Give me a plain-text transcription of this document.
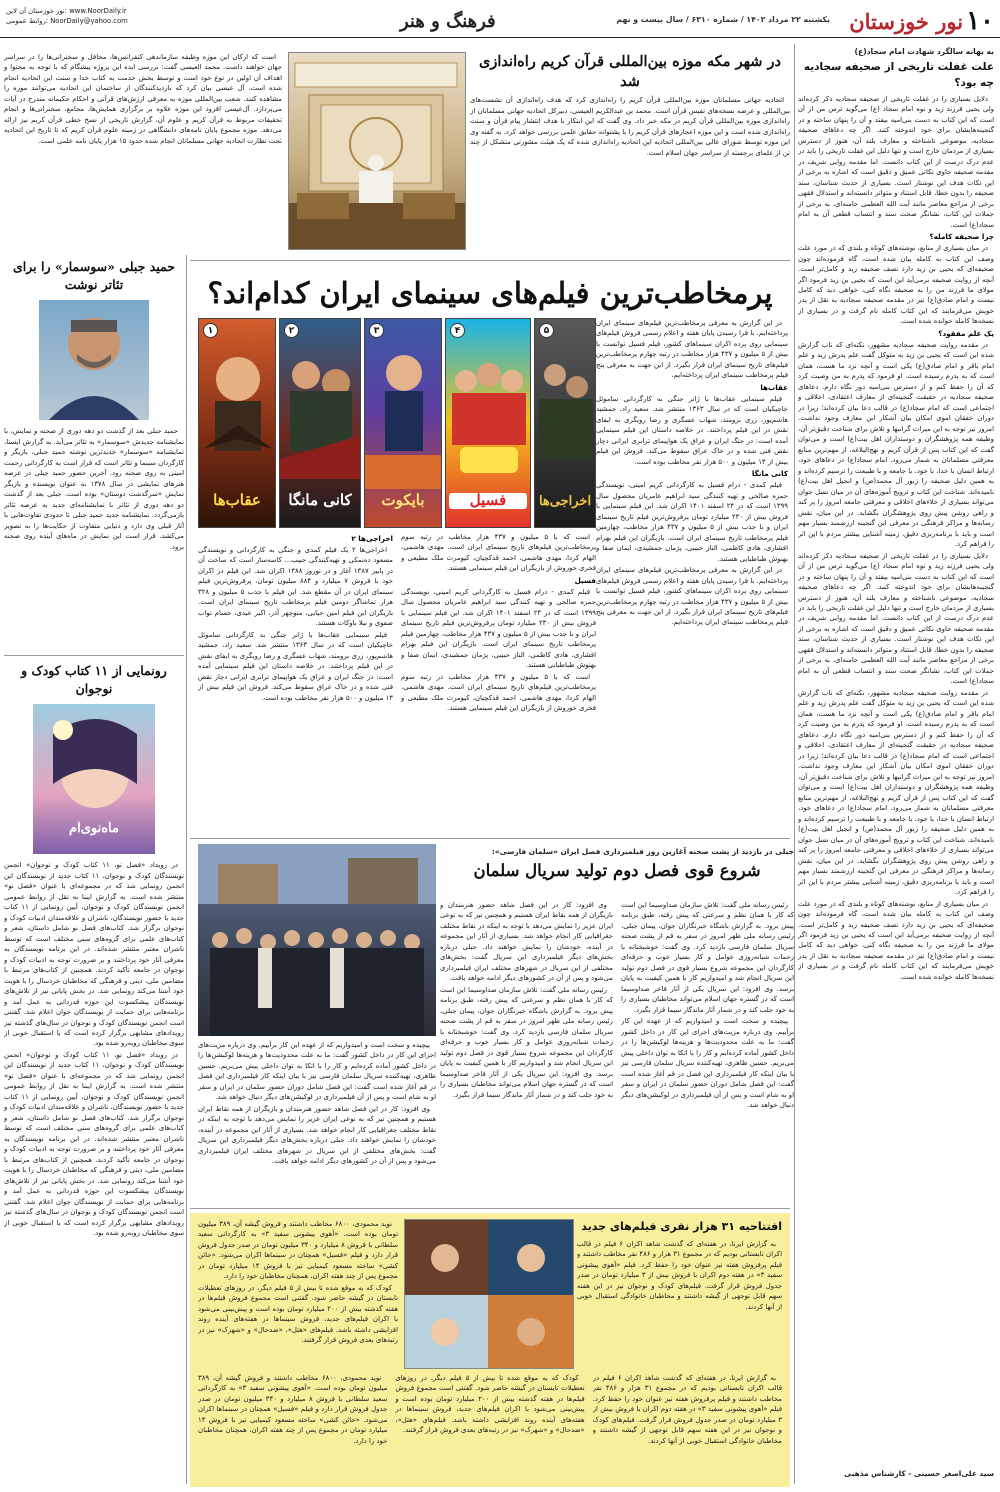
۱۰
نور خوزستان
یکشنبه ۲۲ مرداد ۱۴۰۲ / شماره ۶۳۱۰ / سال بیست و نهم
فرهنگ و هنر
نور خوزستان آن لاین: www.NoorDaily.ir
روابط عمومی: NoorDaily@yahoo.com
به بهانه سالگرد شهادت امام سجاد(ع)
علت غفلت تاریخی از صحیفه سجادیه چه بود؟

دلایل بسیاری را در غفلت تاریخی از صحیفه سجادیه ذکر کرده‌اند ولی یحیی فرزند زید و نوه امام سجاد (ع) می‌گوید ترس من از آن است که این کتاب به دست بنی‌امیه بیفتد و آن را پنهان ساخته و در گنجینه‌هایشان برای خود اندوخته کنند. اگر چه دعاهای صحیفه سجادیه، موضوعی ناشناخته و معارف بلند آن، هنوز از دسترس بسیاری از مردمان خارج است و تنها دلیل این غفلت تاریخی را باید در عدم درک درست از این کتاب دانست. اما مقدمه روایی شریف در مقدمه صحیفه حاوی نکاتی عمیق و دقیق است که اشاره به برخی از این نکات هدف این نوشتار است. بسیاری از حدیث شناسان، سند صحیفه را بدون خطا، قابل استناد و متواتر دانسته‌اند و استدلال فقهی برخی از مراجع معاصر مانند آیت الله العظمی خامنه‌ای، به برخی از جملات این کتاب، نشانگر صحت سند و انتساب قطعی آن به امام سجاد(ع) است.

چرا صحیفه کامله؟

در میان بسیاری از منابع، نوشته‌های کوتاه و بلندی که در مورد علت وصف این کتاب به کامله بیان شده است، گاه فرموده‌اند چون صحیفه‌ای که یحیی بن زید دارد نصف صحیفه زید و کامل‌تر است. آنچه از روایت صحیفه برمی‌آید این است که یحیی بن زید فرمود اگر مولای ما فرزند من را به صحیفه نگاه کنی، خواهی دید که کامل نیست و امام صادق(ع) نیز در مقدمه صحیفه سجادیه به نقل از پدر خویش می‌فرمایند که این کتاب کامله نام گرفت و در بسیاری از نسخه‌ها کامله خوانده شده است.

یک علم مفقود؟

در مقدمه روایت صحیفه سجادیه مشهور، نکته‌ای که ناب گزارش شده این است که یحیی بن زید به متوکل گفت علم پدرش زید و علم امام باقر و امام صادق(ع) یکی است و آنچه نزد ما هست، همان است که به پدرم رسیده است. او فرمود که پدرم به من وصیت کرد که آن را حفظ کنم و از دسترس بنی‌امیه دور نگاه دارم. دعاهای صحیفه سجادیه در حقیقت گنجینه‌ای از معارف اعتقادی، اخلاقی و اجتماعی است که امام سجاد(ع) در قالب دعا بیان کرده‌اند؛ زیرا در دوران خفقان اموی امکان بیان آشکار این معارف وجود نداشت. امروز نیز توجه به این میراث گرانبها و تلاش برای شناخت دقیق‌تر آن، وظیفه همه پژوهشگران و دوستداران اهل بیت(ع) است و می‌توان گفت که این کتاب پس از قرآن کریم و نهج‌البلاغه، از مهم‌ترین منابع معرفتی مسلمانان به شمار می‌رود. امام سجاد(ع) در دعاهای خود، ارتباط انسان با خدا، با خود، با جامعه و با طبیعت را ترسیم کرده‌اند و به همین دلیل صحیفه را زبور آل محمد(ص) و انجیل اهل بیت(ع) نامیده‌اند. شناخت این کتاب و ترویج آموزه‌های آن در میان نسل جوان می‌تواند بسیاری از خلاءهای اخلاقی و معرفتی جامعه امروز را پر کند و راهی روشن پیش روی پژوهشگران بگشاید. در این میان، نقش رسانه‌ها و مراکز فرهنگی در معرفی این گنجینه ارزشمند بسیار مهم است و باید با برنامه‌ریزی دقیق، زمینه آشنایی بیشتر مردم با این اثر را فراهم کرد.

دلایل بسیاری را در غفلت تاریخی از صحیفه سجادیه ذکر کرده‌اند ولی یحیی فرزند زید و نوه امام سجاد (ع) می‌گوید ترس من از آن است که این کتاب به دست بنی‌امیه بیفتد و آن را پنهان ساخته و در گنجینه‌هایشان برای خود اندوخته کنند. اگر چه دعاهای صحیفه سجادیه، موضوعی ناشناخته و معارف بلند آن، هنوز از دسترس بسیاری از مردمان خارج است و تنها دلیل این غفلت تاریخی را باید در عدم درک درست از این کتاب دانست. اما مقدمه روایی شریف در مقدمه صحیفه حاوی نکاتی عمیق و دقیق است که اشاره به برخی از این نکات هدف این نوشتار است. بسیاری از حدیث شناسان، سند صحیفه را بدون خطا، قابل استناد و متواتر دانسته‌اند و استدلال فقهی برخی از مراجع معاصر مانند آیت الله العظمی خامنه‌ای، به برخی از جملات این کتاب، نشانگر صحت سند و انتساب قطعی آن به امام سجاد(ع) است.

در مقدمه روایت صحیفه سجادیه مشهور، نکته‌ای که ناب گزارش شده این است که یحیی بن زید به متوکل گفت علم پدرش زید و علم امام باقر و امام صادق(ع) یکی است و آنچه نزد ما هست، همان است که به پدرم رسیده است. او فرمود که پدرم به من وصیت کرد که آن را حفظ کنم و از دسترس بنی‌امیه دور نگاه دارم. دعاهای صحیفه سجادیه در حقیقت گنجینه‌ای از معارف اعتقادی، اخلاقی و اجتماعی است که امام سجاد(ع) در قالب دعا بیان کرده‌اند؛ زیرا در دوران خفقان اموی امکان بیان آشکار این معارف وجود نداشت. امروز نیز توجه به این میراث گرانبها و تلاش برای شناخت دقیق‌تر آن، وظیفه همه پژوهشگران و دوستداران اهل بیت(ع) است و می‌توان گفت که این کتاب پس از قرآن کریم و نهج‌البلاغه، از مهم‌ترین منابع معرفتی مسلمانان به شمار می‌رود. امام سجاد(ع) در دعاهای خود، ارتباط انسان با خدا، با خود، با جامعه و با طبیعت را ترسیم کرده‌اند و به همین دلیل صحیفه را زبور آل محمد(ص) و انجیل اهل بیت(ع) نامیده‌اند. شناخت این کتاب و ترویج آموزه‌های آن در میان نسل جوان می‌تواند بسیاری از خلاءهای اخلاقی و معرفتی جامعه امروز را پر کند و راهی روشن پیش روی پژوهشگران بگشاید. در این میان، نقش رسانه‌ها و مراکز فرهنگی در معرفی این گنجینه ارزشمند بسیار مهم است و باید با برنامه‌ریزی دقیق، زمینه آشنایی بیشتر مردم با این اثر را فراهم کرد.

در میان بسیاری از منابع، نوشته‌های کوتاه و بلندی که در مورد علت وصف این کتاب به کامله بیان شده است، گاه فرموده‌اند چون صحیفه‌ای که یحیی بن زید دارد نصف صحیفه زید و کامل‌تر است. آنچه از روایت صحیفه برمی‌آید این است که یحیی بن زید فرمود اگر مولای ما فرزند من را به صحیفه نگاه کنی، خواهی دید که کامل نیست و امام صادق(ع) نیز در مقدمه صحیفه سجادیه به نقل از پدر خویش می‌فرمایند که این کتاب کامله نام گرفت و در بسیاری از نسخه‌ها کامله خوانده شده است.

سید علی‌اصغر حسینی - کارشناس مذهبی
در شهر مکه موزه بین‌المللی قرآن کریم راه‌اندازی شد

اتحادیه جهانی مسلمانان موزه بین‌المللی قرآن کریم را راه‌اندازی کرد که هدف راه‌اندازی آن نشست‌های بین‌المللی و عرضه نسخه‌های نفیس قرآن است. محمد بن عبدالکریم العیسی، دبیرکل اتحادیه جهانی مسلمانان از راه‌اندازی موزه بین‌المللی قرآن کریم در مکه خبر داد. وی گفت که این ابتکار با هدف انتشار پیام قرآن و سنت راه‌اندازی شده است و این موزه اعجازهای قرآن کریم را با پشتوانه حقایق علمی بررسی خواهد کرد. به گفته وی این موزه توسط شورای عالی بین‌المللی اتحادیه این اتحادیه راه‌اندازی شده که یک هیئت مشورتی متشکل از چند تن از علمای برجسته از سراسر جهان اسلام است.

است که ارکان این موزه وظیفه سازماندهی کنفرانس‌ها، محافل و سخنرانی‌ها را در سراسر جهان خواهند داشت. محمد العیسی گفت: بررسی ایده این پروژه پیشگام که با توجه به محتوا و اهداف آن اولین در نوع خود است و توسط بخش خدمت به کتاب خدا و سنت این اتحادیه انجام شده است. آل عیسی بیان کرد که بازدیدکنندگان از ساختمان این اتحادیه می‌توانند موزه را مشاهده کنند. شعب بین‌المللی موزه به معرفی ارزش‌های قرآنی و احکام حکیمانه مندرج در آیات می‌پردازد. آل‌عیسی افزود این موزه علاوه بر برگزاری همایش‌ها، مجامع، سخنرانی‌ها و انجام تحقیقات مربوط به قرآن کریم و علوم آن، گزارش تاریخی از نسخ خطی قرآن کریم نیز ارائه می‌دهد. موزه مجموع پایان نامه‌های دانشگاهی در زمینه علوم قرآن کریم که تا تاریخ این اتحادیه تحت نظارت اتحادیه جهانی مسلمانان انجام شده حدود ۱۵ هزار پایان نامه علمی است.

پرمخاطب‌ترین فیلم‌های سینمای ایران کدام‌اند؟

در این گزارش به معرفی پرمخاطب‌ترین فیلم‌های سینمای ایران پرداخته‌ایم. با فرا رسیدن پایان هفته و اعلام رسمی فروش فیلم‌های سینمایی روی پرده اکران سینماهای کشور، فیلم فسیل توانست با بیش از ۵ میلیون و ۴۳۷ هزار مخاطب در رتبه چهارم پرمخاطب‌ترین فیلم‌های تاریخ سینمای ایران قرار بگیرد. از این جهت به معرفی پنج فیلم پرمخاطب سینمای ایران پرداخته‌ایم.

عقاب‌ها

فیلم سینمایی عقاب‌ها با ژانر جنگی به کارگردانی ساموئل خاچیکیان است که در سال ۱۳۶۳ منتشر شد. سعید راد، جمشید هاشم‌پور، زری برومند، شهاب عسگری و رضا رویگری به ایفای نقش در این فیلم پرداختند. در خلاصه داستان این فیلم سینمایی آمده است: در جنگ ایران و عراق یک هواپیمای ترابری ایرانی دچار نقص فنی شده و در خاک عراق سقوط می‌کند. فروش این فیلم بیش از ۱۳ میلیون و ۵۰۰ هزار نفر مخاطب بوده است.

کانی مانگا

فیلم کمدی - درام فسیل به کارگردانی کریم امینی، نویسندگی حمزه صالحی و تهیه کنندگی سید ابراهیم عامریان محصول سال ۱۳۹۹ است که در ۲۴ اسفند ۱۴۰۱ اکران شد. این فیلم سینمایی با فروش بیش از ۲۳۰ میلیارد تومان پرفروش‌ترین فیلم تاریخ سینمای ایران و با جذب بیش از ۵ میلیون و ۴۳۷ هزار مخاطب، چهارمین فیلم پرمخاطب تاریخ سینمای ایران است. بازیگران این فیلم بهرام افشاری، هادی کاظمی، الناز حبیبی، پژمان جمشیدی، ایمان صفا و بهنوش طباطبایی هستند.

در این گزارش به معرفی پرمخاطب‌ترین فیلم‌های سینمای ایران پرداخته‌ایم. با فرا رسیدن پایان هفته و اعلام رسمی فروش فیلم‌های سینمایی روی پرده اکران سینماهای کشور، فیلم فسیل توانست با بیش از ۵ میلیون و ۴۳۷ هزار مخاطب در رتبه چهارم پرمخاطب‌ترین فیلم‌های تاریخ سینمای ایران قرار بگیرد. از این جهت به معرفی پنج فیلم پرمخاطب سینمای ایران پرداخته‌ایم.

۱
عقاب‌ها
۲
کانی مانگا
۳
بایکوت
۴
فسیل
۵
اخراجی‌ها

است که با ۵ میلیون و ۴۳۷ هزار مخاطب در رتبه سوم پرمخاطب‌ترین فیلم‌های تاریخ سینمای ایران است. مهدی هاشمی، الهام کردا، مهدی هاشمی، احمد قدکچیان، کیومرث ملک مطیعی و فخری خوروش از بازیگران این فیلم سینمایی هستند.

فسیل

فیلم کمدی - درام فسیل به کارگردانی کریم امینی، نویسندگی حمزه صالحی و تهیه کنندگی سید ابراهیم عامریان محصول سال ۱۳۹۹ است که در ۲۴ اسفند ۱۴۰۱ اکران شد. این فیلم سینمایی با فروش بیش از ۲۳۰ میلیارد تومان پرفروش‌ترین فیلم تاریخ سینمای ایران و با جذب بیش از ۵ میلیون و ۴۳۷ هزار مخاطب، چهارمین فیلم پرمخاطب تاریخ سینمای ایران است. بازیگران این فیلم بهرام افشاری، هادی کاظمی، الناز حبیبی، پژمان جمشیدی، ایمان صفا و بهنوش طباطبایی هستند.

است که با ۵ میلیون و ۴۳۷ هزار مخاطب در رتبه سوم پرمخاطب‌ترین فیلم‌های تاریخ سینمای ایران است. مهدی هاشمی، الهام کردا، مهدی هاشمی، احمد قدکچیان، کیومرث ملک مطیعی و فخری خوروش از بازیگران این فیلم سینمایی هستند.

اخراجی‌ها ۲

اخراجی‌ها ۲ یک فیلم کمدی و جنگی به کارگردانی و نویسندگی مسعود ده‌نمکی و تهیه‌کنندگی حبیب... کاسه‌ساز است که ساخت آن در پاییز ۱۳۸۷ آغاز و در نوروز ۱۳۸۸ اکران شد. این فیلم در اکران خود با فروش ۷ میلیارد و ۸۸۴ میلیون تومان، پرفروش‌ترین فیلم سینمای ایران در آن مقطع شد. این فیلم با جذب ۵ میلیون و ۳۲۸ هزار تماشاگر دومین فیلم پرمخاطب تاریخ سینمای ایران است. بازیگران این فیلم امین حیایی، منوچهر آذر، اکبر عبدی، حسام نواب صفوی و نیلا باوکات هستند.

فیلم سینمایی عقاب‌ها با ژانر جنگی به کارگردانی ساموئل خاچیکیان است که در سال ۱۳۶۳ منتشر شد. سعید راد، جمشید هاشم‌پور، زری برومند، شهاب عسگری و رضا رویگری به ایفای نقش در این فیلم پرداختند. در خلاصه داستان این فیلم سینمایی آمده است: در جنگ ایران و عراق یک هواپیمای ترابری ایرانی دچار نقص فنی شده و در خاک عراق سقوط می‌کند. فروش این فیلم بیش از ۱۳ میلیون و ۵۰۰ هزار نفر مخاطب بوده است.

جبلی در بازدید از پشت صحنه آغازین روز فیلمبرداری فصل ایران «سلمان فارسی»:
شروع قوی فصل دوم تولید سریال سلمان

رئیس رسانه ملی گفت: تلاش سازمان صداوسیما این است که کار با همان نظم و سرعتی که پیش رفته، طبق برنامه پیش برود. به گزارش باشگاه خبرنگاران جوان، پیمان جبلی، رئیس رسانه ملی ظهر امروز در سفر به قم از پشت صحنه سریال سلمان فارسی بازدید کرد. وی گفت: خوشبختانه با زحمات شبانه‌روزی عوامل و کار بسیار خوب و حرفه‌ای کارگردان این مجموعه شروع بسیار قوی در فصل دوم تولید این سریال انجام شد و امیدواریم کار با همین کیفیت به پایان برسد. وی افزود: این سریال یکی از آثار فاخر صداوسیما است که در گستره جهان اسلام می‌تواند مخاطبان بسیاری را به خود جلب کند و در شمار آثار ماندگار سیما قرار بگیرد.

پیچیده و سخت است و امیدواریم که از عهده این کار برآییم. وی درباره مزیت‌های اجرای این کار در داخل کشور گفت: ما به علت محدودیت‌ها و هزینه‌ها لوکیشن‌ها را در داخل کشور آماده کرده‌ایم و کار را با اتکا به توان داخلی پیش می‌بریم. حسین ظاهری، تهیه‌کننده سریال سلمان فارسی نیز با بیان اینکه کار فیلمبرداری این فصل در قم آغاز شده است گفت: این فصل شامل دوران حضور سلمان در ایران و سفر او به شام است و پس از آن فیلمبرداری در لوکیشن‌های دیگر دنبال خواهد شد.

وی افزود: کار در این فصل شاهد حضور هنرمندان و بازیگران از همه نقاط ایران هستیم و همچنین نیز که به نوعی ایران عزیز را نمایش می‌دهد با توجه به اینکه در نقاط مختلف جغرافیایی کار انجام خواهد شد. بسیاری از آثار این مجموعه در آینده، خودشان را نمایش خواهند داد. جبلی درباره بخش‌های دیگر فیلمبرداری این سریال گفت: بخش‌های مختلفی از این سریال در شهرهای مختلف ایران فیلمبرداری می‌شود و پس از آن در کشورهای دیگر ادامه خواهد یافت.

رئیس رسانه ملی گفت: تلاش سازمان صداوسیما این است که کار با همان نظم و سرعتی که پیش رفته، طبق برنامه پیش برود. به گزارش باشگاه خبرنگاران جوان، پیمان جبلی، رئیس رسانه ملی ظهر امروز در سفر به قم از پشت صحنه سریال سلمان فارسی بازدید کرد. وی گفت: خوشبختانه با زحمات شبانه‌روزی عوامل و کار بسیار خوب و حرفه‌ای کارگردان این مجموعه شروع بسیار قوی در فصل دوم تولید این سریال انجام شد و امیدواریم کار با همین کیفیت به پایان برسد. وی افزود: این سریال یکی از آثار فاخر صداوسیما است که در گستره جهان اسلام می‌تواند مخاطبان بسیاری را به خود جلب کند و در شمار آثار ماندگار سیما قرار بگیرد.

پیچیده و سخت است و امیدواریم که از عهده این کار برآییم. وی درباره مزیت‌های اجرای این کار در داخل کشور گفت: ما به علت محدودیت‌ها و هزینه‌ها لوکیشن‌ها را در داخل کشور آماده کرده‌ایم و کار را با اتکا به توان داخلی پیش می‌بریم. حسین ظاهری، تهیه‌کننده سریال سلمان فارسی نیز با بیان اینکه کار فیلمبرداری این فصل در قم آغاز شده است گفت: این فصل شامل دوران حضور سلمان در ایران و سفر او به شام است و پس از آن فیلمبرداری در لوکیشن‌های دیگر دنبال خواهد شد.

وی افزود: کار در این فصل شاهد حضور هنرمندان و بازیگران از همه نقاط ایران هستیم و همچنین نیز که به نوعی ایران عزیز را نمایش می‌دهد با توجه به اینکه در نقاط مختلف جغرافیایی کار انجام خواهد شد. بسیاری از آثار این مجموعه در آینده، خودشان را نمایش خواهند داد. جبلی درباره بخش‌های دیگر فیلمبرداری این سریال گفت: بخش‌های مختلفی از این سریال در شهرهای مختلف ایران فیلمبرداری می‌شود و پس از آن در کشورهای دیگر ادامه خواهد یافت.

افتتاحیه ۳۱ هزار نفری فیلم‌های جدید

به گزارش ایرنا، در هفته‌ای که گذشت شاهد اکران ۶ فیلم در قالب اکران تابستانی بودیم که در مجموع ۳۱ هزار و ۴۸۶ نفر مخاطب داشتند و فیلم پرفروش هفته نیز عنوان خود را حفظ کرد. فیلم «آهوی پیشونی سفید ۳» در هفته دوم اکران با فروش بیش از ۳ میلیارد تومان در صدر جدول فروش قرار گرفت. فیلم‌های کودک و نوجوان نیز در این هفته سهم قابل توجهی از گیشه داشتند و مخاطبان خانوادگی استقبال خوبی از آنها کردند.

نوید محمودی، ۶۸۰۰ مخاطب داشتند و فروش گیشه آن، ۳۸۹ میلیون تومان بوده است. «آهوی پیشونی سفید ۳» به کارگردانی سعید سلطانی با فروش ۸ میلیارد و ۳۴۰ میلیون تومان در صدر جدول فروش قرار دارد و فیلم «فسیل» همچنان در سینماها اکران می‌شود. «خائن کشی» ساخته مسعود کیمیایی نیز با فروش ۱۴ میلیارد تومان در مجموع پس از چند هفته اکران، همچنان مخاطبان خود را دارد.

کودک که به موقع شده تا بیش از ۵ فیلم دیگر، در روزهای تعطیلات تابستان در گیشه حاضر شود. گفتنی است مجموع فروش فیلم‌ها در هفته گذشته بیش از ۲۰۰ میلیارد تومان بوده است و پیش‌بینی می‌شود با اکران فیلم‌های جدید، فروش سینماها در هفته‌های آینده روند افزایشی داشته باشد. فیلم‌های «هتل»، «ضدحال» و «شهرک» نیز در رتبه‌های بعدی فروش قرار گرفتند.

به گزارش ایرنا، در هفته‌ای که گذشت شاهد اکران ۶ فیلم در قالب اکران تابستانی بودیم که در مجموع ۳۱ هزار و ۴۸۶ نفر مخاطب داشتند و فیلم پرفروش هفته نیز عنوان خود را حفظ کرد. فیلم «آهوی پیشونی سفید ۳» در هفته دوم اکران با فروش بیش از ۳ میلیارد تومان در صدر جدول فروش قرار گرفت. فیلم‌های کودک و نوجوان نیز در این هفته سهم قابل توجهی از گیشه داشتند و مخاطبان خانوادگی استقبال خوبی از آنها کردند.

کودک که به موقع شده تا بیش از ۵ فیلم دیگر، در روزهای تعطیلات تابستان در گیشه حاضر شود. گفتنی است مجموع فروش فیلم‌ها در هفته گذشته بیش از ۲۰۰ میلیارد تومان بوده است و پیش‌بینی می‌شود با اکران فیلم‌های جدید، فروش سینماها در هفته‌های آینده روند افزایشی داشته باشد. فیلم‌های «هتل»، «ضدحال» و «شهرک» نیز در رتبه‌های بعدی فروش قرار گرفتند.

نوید محمودی، ۶۸۰۰ مخاطب داشتند و فروش گیشه آن، ۳۸۹ میلیون تومان بوده است. «آهوی پیشونی سفید ۳» به کارگردانی سعید سلطانی با فروش ۸ میلیارد و ۳۴۰ میلیون تومان در صدر جدول فروش قرار دارد و فیلم «فسیل» همچنان در سینماها اکران می‌شود. «خائن کشی» ساخته مسعود کیمیایی نیز با فروش ۱۴ میلیارد تومان در مجموع پس از چند هفته اکران، همچنان مخاطبان خود را دارد.

حمید جبلی «سوسمار» را برای تئاتر نوشت

حمید جبلی بعد از گذشت دو دهه دوری از صحنه و نمایش، با نمایشنامه جدیدش «سوسمار» به تئاتر می‌آید. به گزارش ایسنا، نمایشنامه «سوسمار» جدیدترین نوشته حمید جبلی، بازیگر و کارگردان سینما و تئاتر است که قرار است به کارگردانی رحمت امینی به روی صحنه رود. آخرین حضور حمید جبلی در عرصه هنرهای نمایشی در سال ۱۳۷۸ به عنوان نویسنده و بازیگر نمایش «سرگذشت دوستان» بوده است. جبلی بعد از گذشت دو دهه دوری از تئاتر با نمایشنامه‌ای جدید به عرصه تئاتر بازمی‌گردد. نمایشنامه جدید حمید جبلی تا حدودی تفاوت‌هایی با آثار قبلی وی دارد و دنیایی متفاوت از حکایت‌ها را به تصویر می‌کشد. قرار است این نمایش در ماه‌های آینده روی صحنه برود.

رونمایی از ۱۱ کتاب کودک و نوجوان
ماه‌نوی‌ام

در رویداد «فصل نو، ۱۱ کتاب کودک و نوجوان» انجمن نویسندگان کودک و نوجوان، ۱۱ کتاب جدید از نویسندگان این انجمن رونمایی شد که در مجموعه‌ای با عنوان «فصل نو» منتشر شده است. به گزارش ایبنا به نقل از روابط عمومی انجمن نویسندگان کودک و نوجوان، آیین رونمایی از ۱۱ کتاب جدید با حضور نویسندگان، ناشران و علاقه‌مندان ادبیات کودک و نوجوان برگزار شد. کتاب‌های فصل نو شامل داستان، شعر و کتاب‌های علمی برای گروه‌های سنی مختلف است که توسط ناشران معتبر منتشر شده‌اند. در این برنامه نویسندگان به معرفی آثار خود پرداختند و بر ضرورت توجه به ادبیات کودک و نوجوان در جامعه تأکید کردند. همچنین از کتاب‌های مرتبط با مضامین ملی، دینی و فرهنگی که مخاطبان خردسال را با هویت خود آشنا می‌کند رونمایی شد. در بخش پایانی نیز از تلاش‌های نویسندگان پیشکسوت این حوزه قدردانی به عمل آمد و برنامه‌هایی برای حمایت از نویسندگان جوان اعلام شد. گفتنی است انجمن نویسندگان کودک و نوجوان در سال‌های گذشته نیز رویدادهای مشابهی برگزار کرده است که با استقبال خوبی از سوی مخاطبان روبه‌رو شده بود.

در رویداد «فصل نو، ۱۱ کتاب کودک و نوجوان» انجمن نویسندگان کودک و نوجوان، ۱۱ کتاب جدید از نویسندگان این انجمن رونمایی شد که در مجموعه‌ای با عنوان «فصل نو» منتشر شده است. به گزارش ایبنا به نقل از روابط عمومی انجمن نویسندگان کودک و نوجوان، آیین رونمایی از ۱۱ کتاب جدید با حضور نویسندگان، ناشران و علاقه‌مندان ادبیات کودک و نوجوان برگزار شد. کتاب‌های فصل نو شامل داستان، شعر و کتاب‌های علمی برای گروه‌های سنی مختلف است که توسط ناشران معتبر منتشر شده‌اند. در این برنامه نویسندگان به معرفی آثار خود پرداختند و بر ضرورت توجه به ادبیات کودک و نوجوان در جامعه تأکید کردند. همچنین از کتاب‌های مرتبط با مضامین ملی، دینی و فرهنگی که مخاطبان خردسال را با هویت خود آشنا می‌کند رونمایی شد. در بخش پایانی نیز از تلاش‌های نویسندگان پیشکسوت این حوزه قدردانی به عمل آمد و برنامه‌هایی برای حمایت از نویسندگان جوان اعلام شد. گفتنی است انجمن نویسندگان کودک و نوجوان در سال‌های گذشته نیز رویدادهای مشابهی برگزار کرده است که با استقبال خوبی از سوی مخاطبان روبه‌رو شده بود.
